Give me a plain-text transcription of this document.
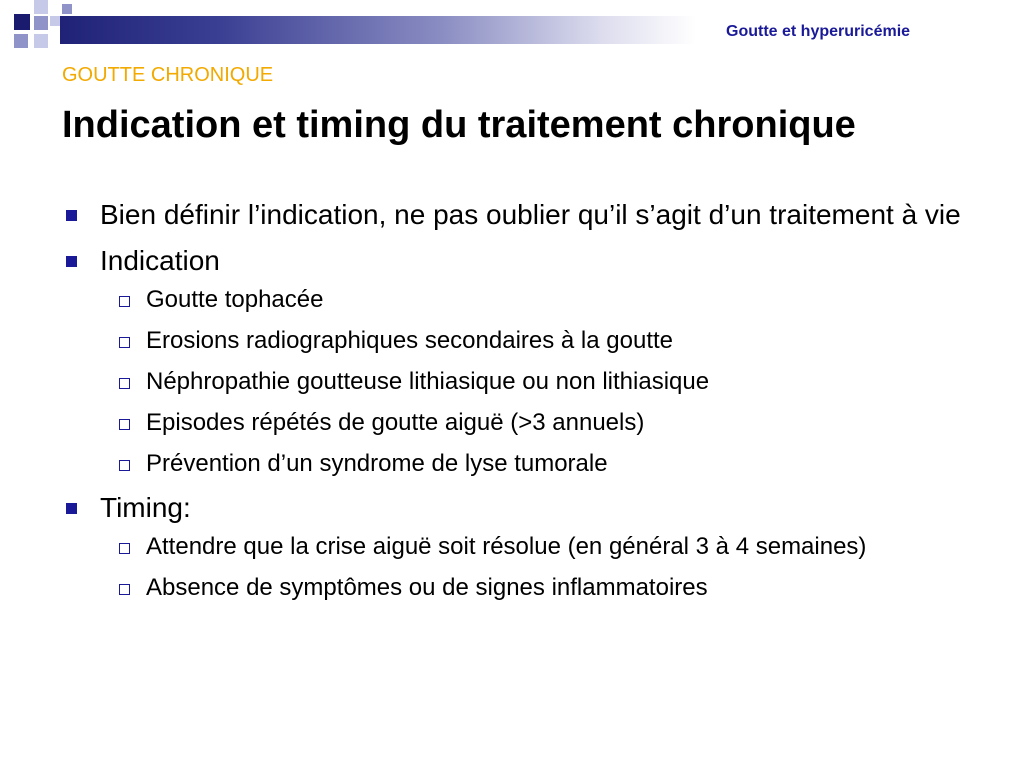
Goutte et hyperuricémie
GOUTTE CHRONIQUE
Indication et timing du traitement chronique
Bien définir l’indication, ne pas oublier qu’il s’agit d’un traitement à vie
Indication
Goutte tophacée
Erosions radiographiques secondaires à la goutte
Néphropathie goutteuse lithiasique ou non lithiasique
Episodes répétés de goutte aiguë (>3 annuels)
Prévention d’un syndrome de lyse tumorale
Timing:
Attendre que la crise aiguë soit résolue (en général 3 à 4 semaines)
Absence de symptômes ou de signes inflammatoires
